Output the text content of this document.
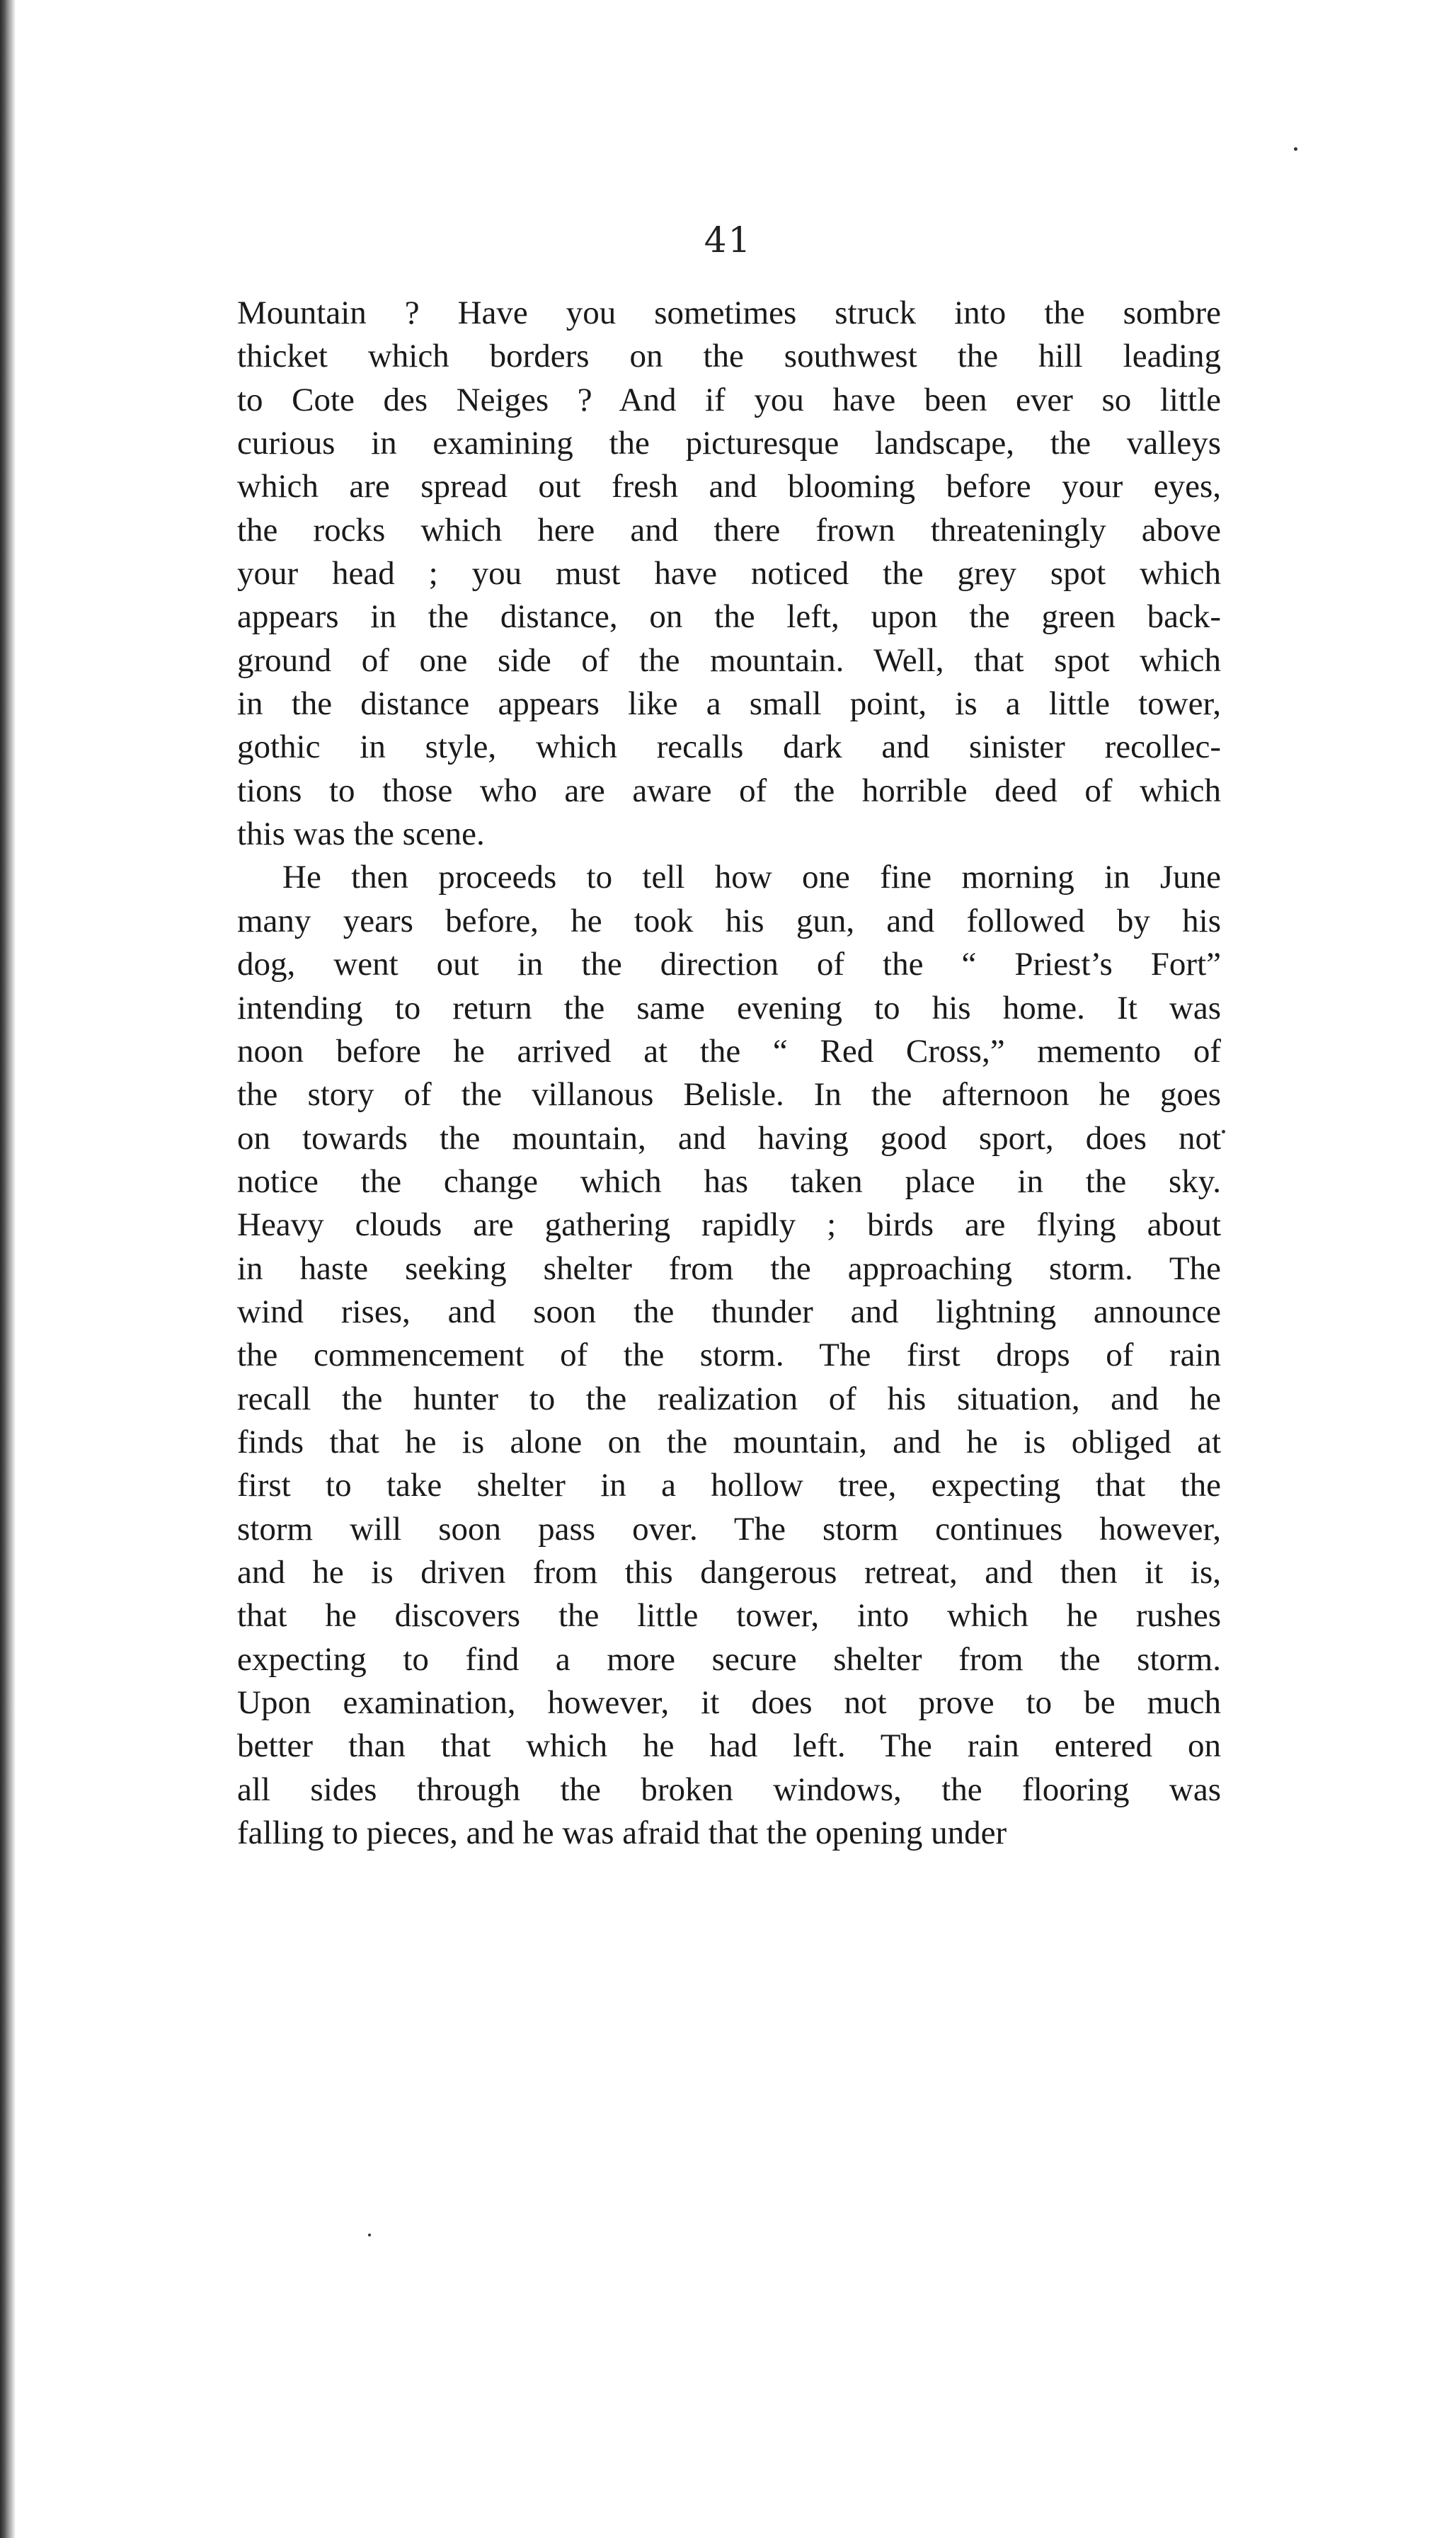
41
Mountain ? Have you sometimes struck into the sombre
thicket which borders on the southwest the hill leading
to Cote des Neiges ? And if you have been ever so little
curious in examining the picturesque landscape, the valleys
which are spread out fresh and blooming before your eyes,
the rocks which here and there frown threateningly above
your head ; you must have noticed the grey spot which
appears in the distance, on the left, upon the green back-
ground of one side of the mountain. Well, that spot which
in the distance appears like a small point, is a little tower,
gothic in style, which recalls dark and sinister recollec-
tions to those who are aware of the horrible deed of which
this was the scene.
He then proceeds to tell how one fine morning in June
many years before, he took his gun, and followed by his
dog, went out in the direction of the “ Priest’s Fort”
intending to return the same evening to his home. It was
noon before he arrived at the “ Red Cross,” memento of
the story of the villanous Belisle. In the afternoon he goes
on towards the mountain, and having good sport, does not
notice the change which has taken place in the sky.
Heavy clouds are gathering rapidly ; birds are flying about
in haste seeking shelter from the approaching storm. The
wind rises, and soon the thunder and lightning announce
the commencement of the storm. The first drops of rain
recall the hunter to the realization of his situation, and he
finds that he is alone on the mountain, and he is obliged at
first to take shelter in a hollow tree, expecting that the
storm will soon pass over. The storm continues however,
and he is driven from this dangerous retreat, and then it is,
that he discovers the little tower, into which he rushes
expecting to find a more secure shelter from the storm.
Upon examination, however, it does not prove to be much
better than that which he had left. The rain entered on
all sides through the broken windows, the flooring was
falling to pieces, and he was afraid that the opening under
